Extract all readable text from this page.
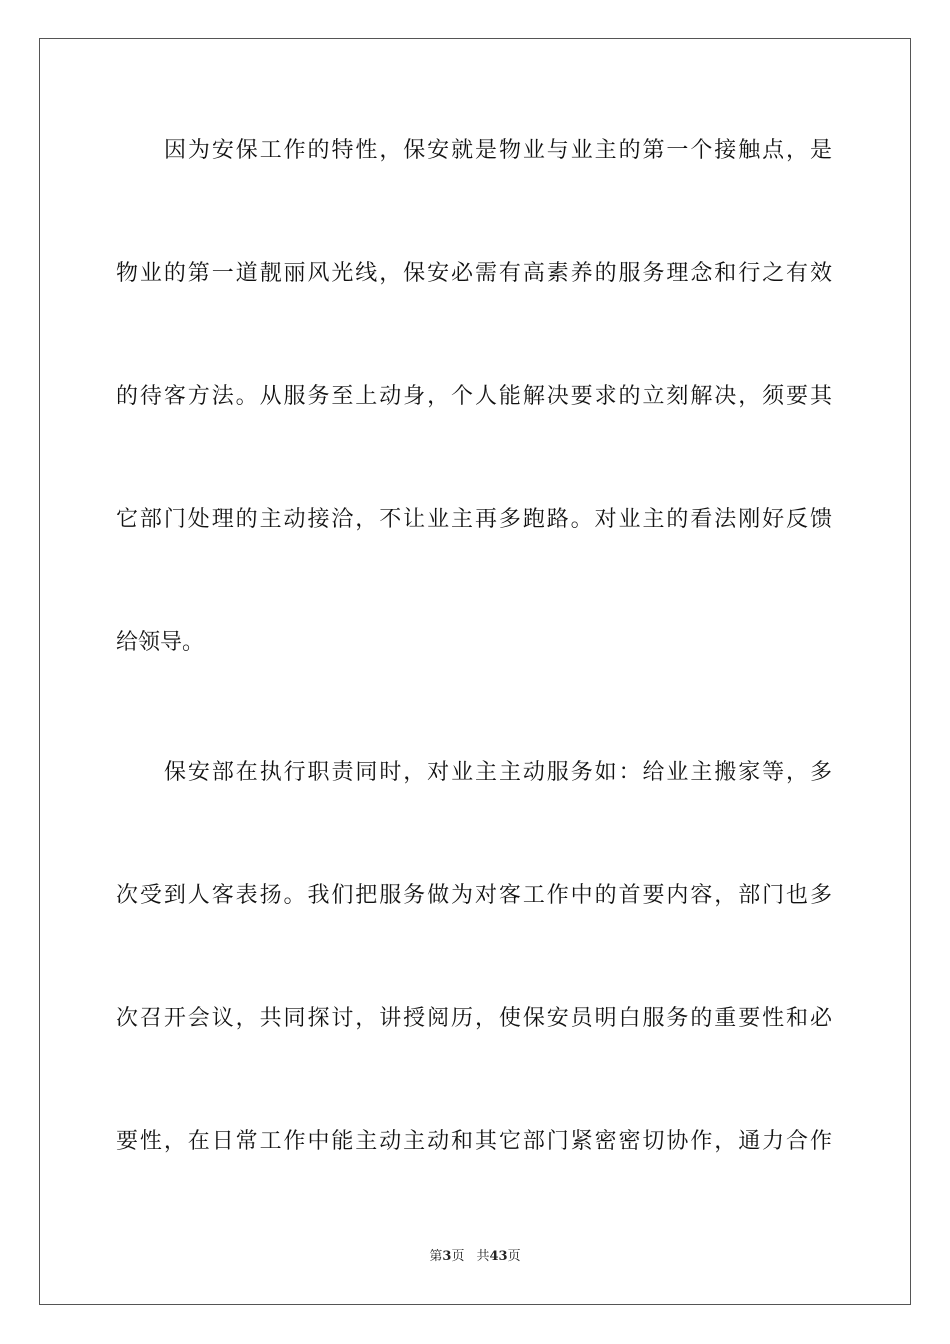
因为安保工作的特性，保安就是物业与业主的第一个接触点，是
物业的第一道靓丽风光线，保安必需有高素养的服务理念和行之有效
的待客方法。从服务至上动身，个人能解决要求的立刻解决，须要其
它部门处理的主动接洽，不让业主再多跑路。对业主的看法刚好反馈
给领导。
保安部在执行职责同时，对业主主动服务如：给业主搬家等，多
次受到人客表扬。我们把服务做为对客工作中的首要内容，部门也多
次召开会议，共同探讨，讲授阅历，使保安员明白服务的重要性和必
要性，在日常工作中能主动主动和其它部门紧密密切协作，通力合作
第3页 共43页
